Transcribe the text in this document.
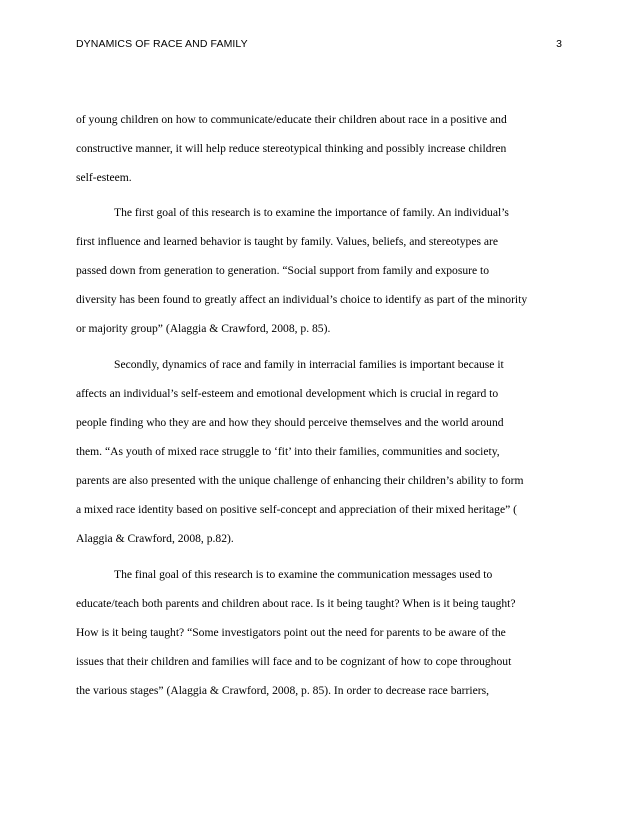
DYNAMICS OF RACE AND FAMILY	3
of young children on how to communicate/educate their children about race in a positive and
constructive manner, it will help reduce stereotypical thinking and possibly increase children
self-esteem.
The first goal of this research is to examine the importance of family. An individual’s
first influence and learned behavior is taught by family. Values, beliefs, and stereotypes are
passed down from generation to generation. “Social support from family and exposure to
diversity has been found to greatly affect an individual’s choice to identify as part of the minority
or majority group” (Alaggia & Crawford, 2008, p. 85).
Secondly, dynamics of race and family in interracial families is important because it
affects an individual’s self-esteem and emotional development which is crucial in regard to
people finding who they are and how they should perceive themselves and the world around
them. “As youth of mixed race struggle to ‘fit’ into their families, communities and society,
parents are also presented with the unique challenge of enhancing their children’s ability to form
a mixed race identity based on positive self-concept and appreciation of their mixed heritage” (
Alaggia & Crawford, 2008, p.82).
The final goal of this research is to examine the communication messages used to
educate/teach both parents and children about race. Is it being taught? When is it being taught?
How is it being taught? “Some investigators point out the need for parents to be aware of the
issues that their children and families will face and to be cognizant of how to cope throughout
the various stages” (Alaggia & Crawford, 2008, p. 85). In order to decrease race barriers,
